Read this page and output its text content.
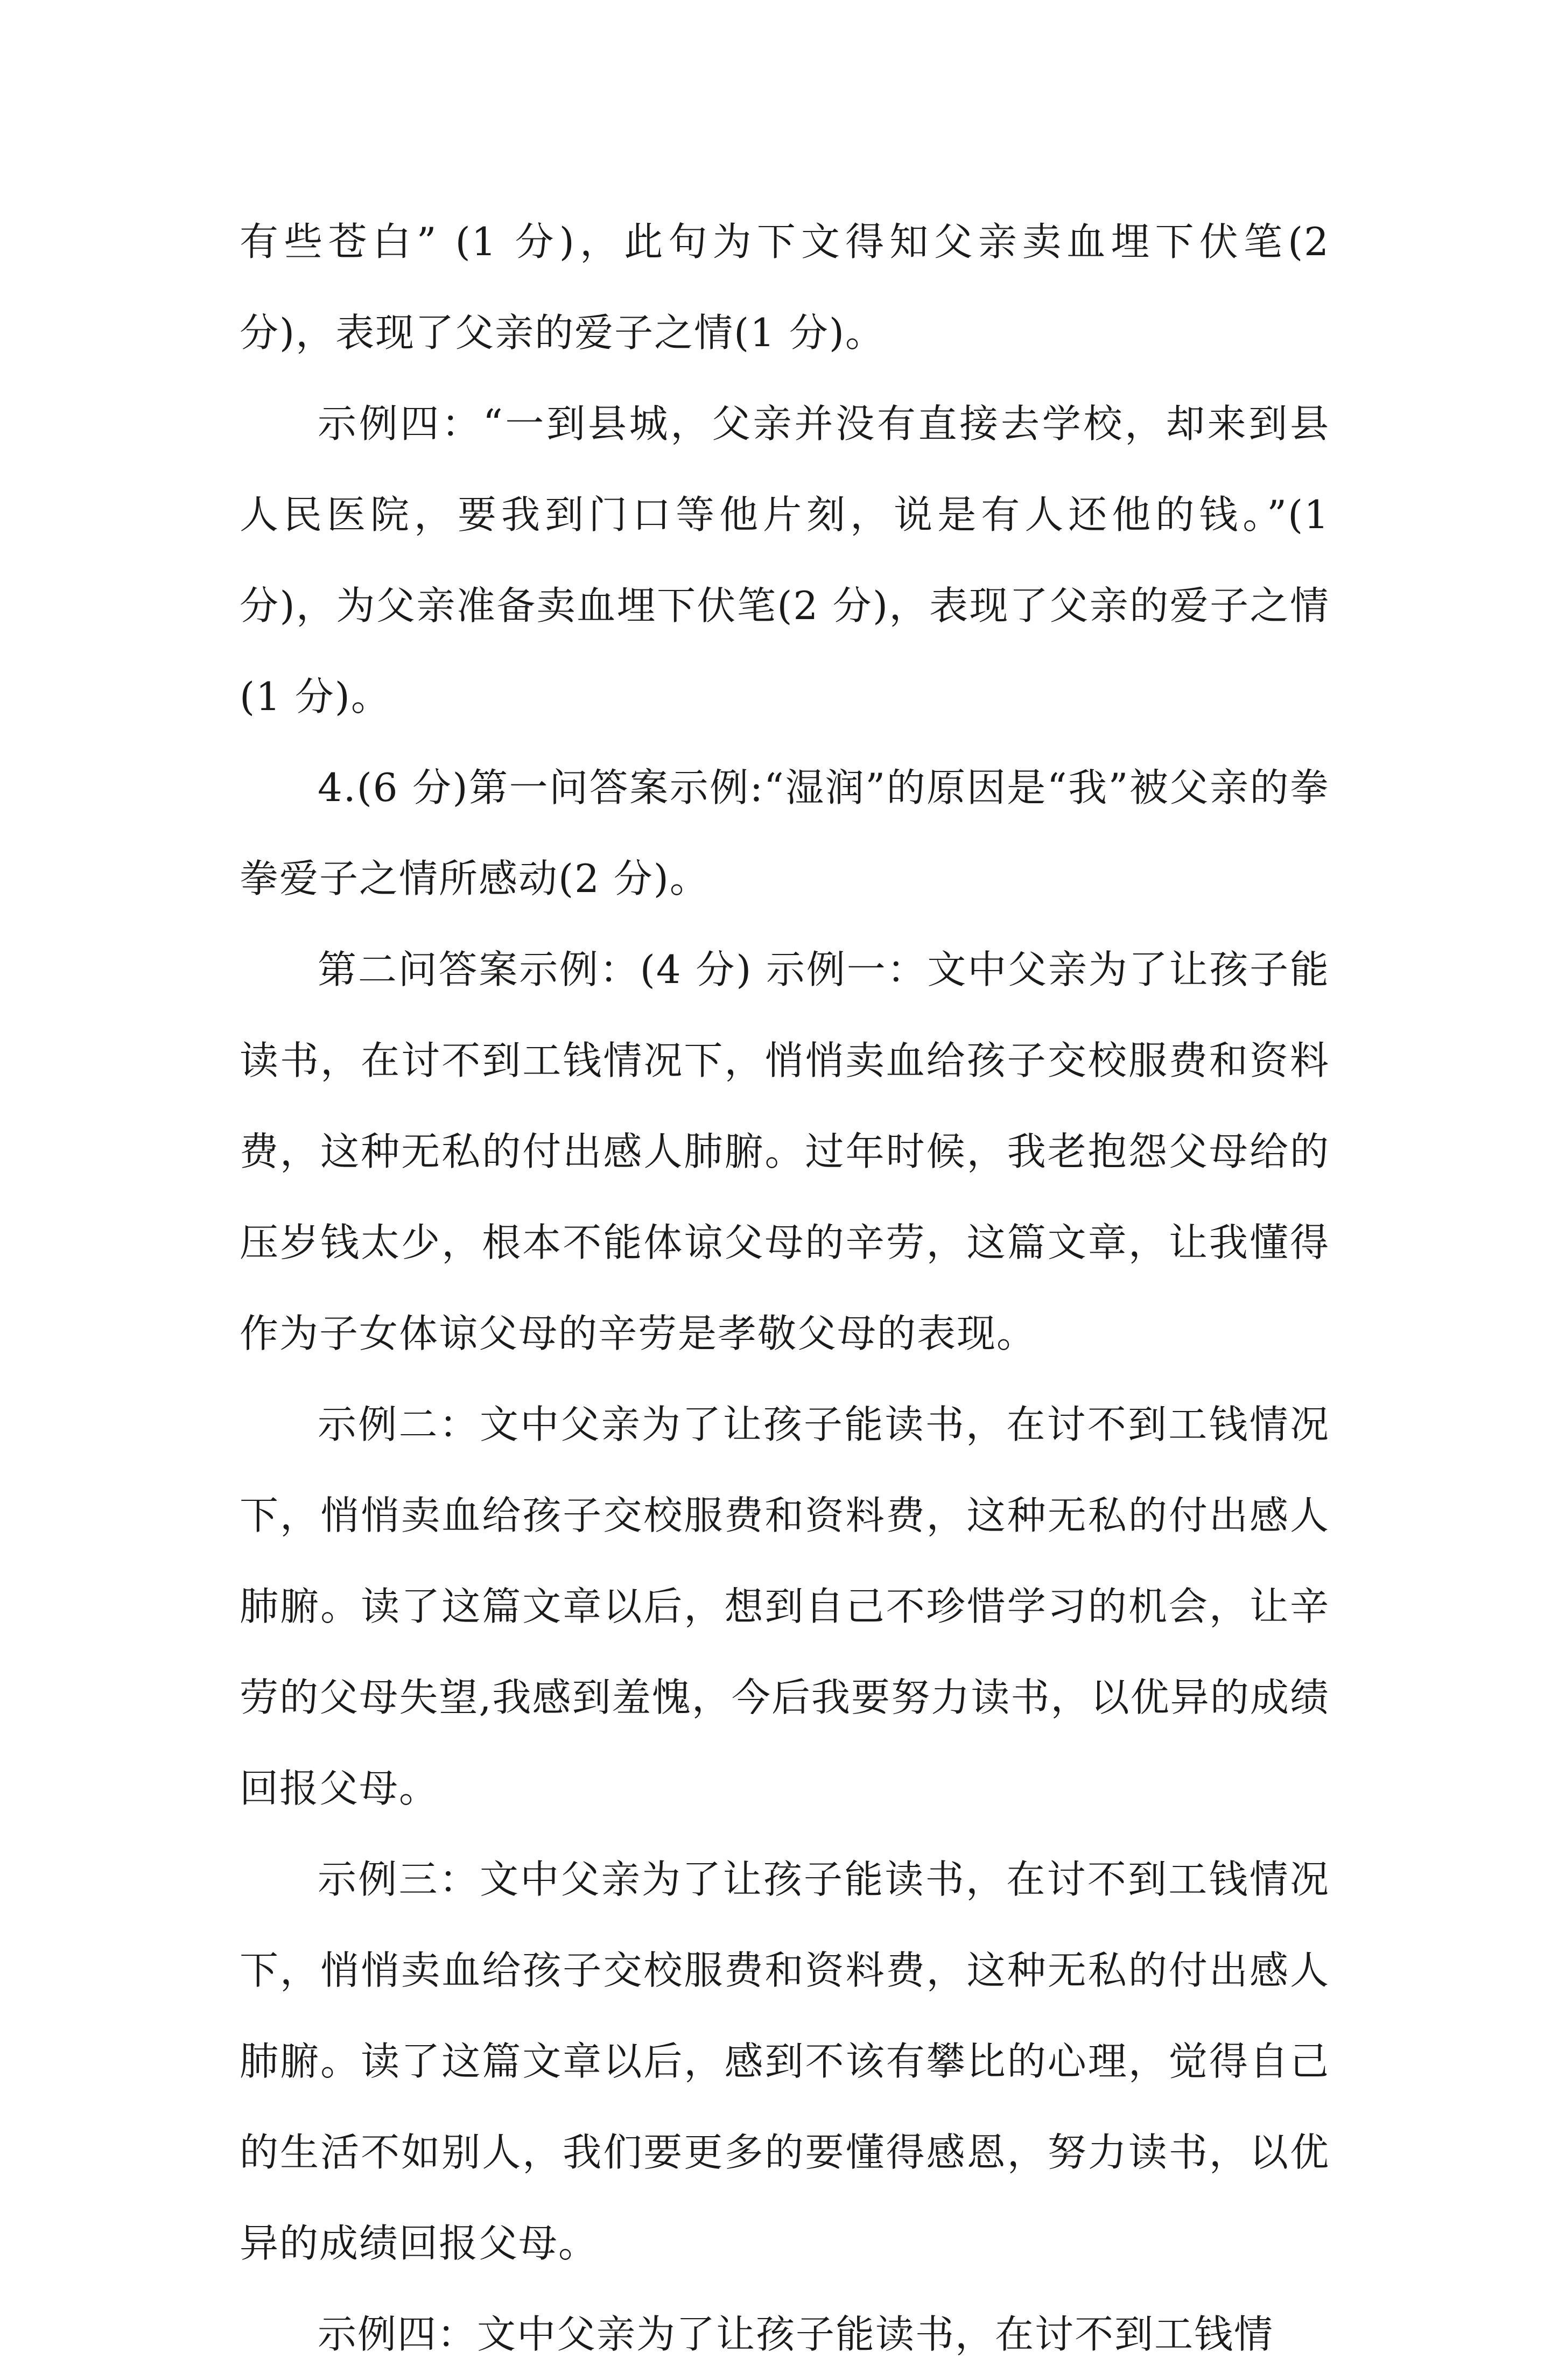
有些苍白” (1 分)，此句为下文得知父亲卖血埋下伏笔(2 分)，表现了父亲的爱子之情(1 分)。

示例四：“一到县城，父亲并没有直接去学校，却来到县人民医院，要我到门口等他片刻，说是有人还他的钱。”(1 分)，为父亲准备卖血埋下伏笔(2 分)，表现了父亲的爱子之情(1 分)。

4.(6 分)第一问答案示例:“湿润”的原因是“我”被父亲的拳拳爱子之情所感动(2 分)。

第二问答案示例：(4 分) 示例一：文中父亲为了让孩子能读书，在讨不到工钱情况下，悄悄卖血给孩子交校服费和资料费，这种无私的付出感人肺腑。过年时候，我老抱怨父母给的压岁钱太少，根本不能体谅父母的辛劳，这篇文章，让我懂得作为子女体谅父母的辛劳是孝敬父母的表现。

示例二：文中父亲为了让孩子能读书，在讨不到工钱情况下，悄悄卖血给孩子交校服费和资料费，这种无私的付出感人肺腑。读了这篇文章以后，想到自己不珍惜学习的机会，让辛劳的父母失望,我感到羞愧，今后我要努力读书，以优异的成绩回报父母。

示例三：文中父亲为了让孩子能读书，在讨不到工钱情况下，悄悄卖血给孩子交校服费和资料费，这种无私的付出感人肺腑。读了这篇文章以后，感到不该有攀比的心理，觉得自己的生活不如别人，我们要更多的要懂得感恩，努力读书，以优异的成绩回报父母。

示例四：文中父亲为了让孩子能读书，在讨不到工钱情
